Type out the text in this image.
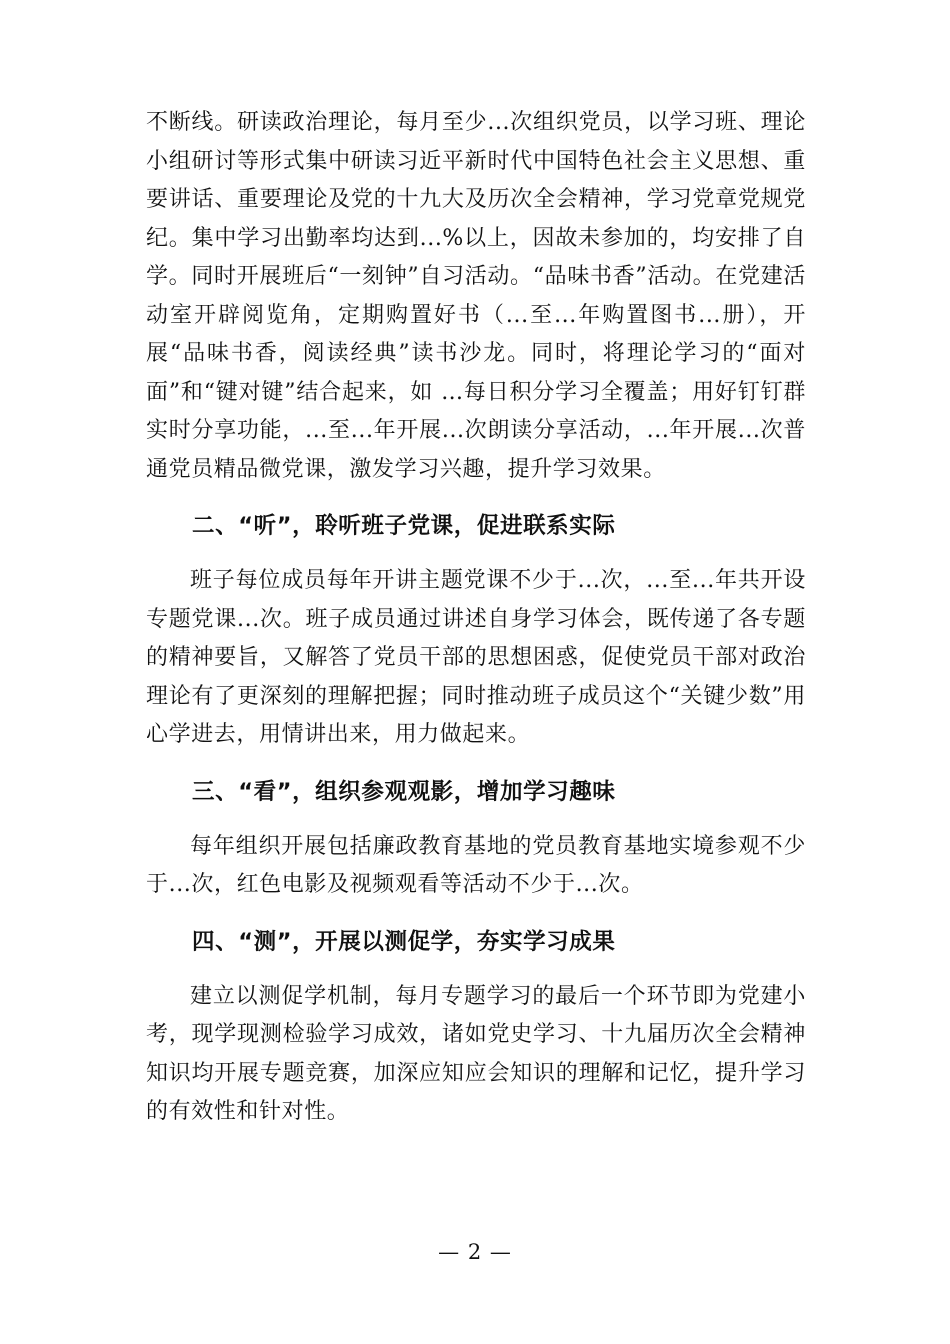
不断线。研读政治理论，每月至少...次组织党员，以学习班、理论小组研讨等形式集中研读习近平新时代中国特色社会主义思想、重要讲话、重要理论及党的十九大及历次全会精神，学习党章党规党纪。集中学习出勤率均达到...%以上，因故未参加的，均安排了自学。同时开展班后“一刻钟”自习活动。“品味书香”活动。在党建活动室开辟阅览角，定期购置好书（...至...年购置图书...册），开展“品味书香，阅读经典”读书沙龙。同时，将理论学习的“面对面”和“键对键”结合起来，如 …每日积分学习全覆盖；用好钉钉群实时分享功能，...至...年开展...次朗读分享活动，...年开展...次普通党员精品微党课，激发学习兴趣，提升学习效果。

二、“听”，聆听班子党课，促进联系实际

班子每位成员每年开讲主题党课不少于...次，...至...年共开设专题党课...次。班子成员通过讲述自身学习体会，既传递了各专题的精神要旨，又解答了党员干部的思想困惑，促使党员干部对政治理论有了更深刻的理解把握；同时推动班子成员这个“关键少数”用心学进去，用情讲出来，用力做起来。

三、“看”，组织参观观影，增加学习趣味

每年组织开展包括廉政教育基地的党员教育基地实境参观不少于...次，红色电影及视频观看等活动不少于...次。

四、“测”，开展以测促学，夯实学习成果

建立以测促学机制，每月专题学习的最后一个环节即为党建小考，现学现测检验学习成效，诸如党史学习、十九届历次全会精神知识均开展专题竞赛，加深应知应会知识的理解和记忆，提升学习的有效性和针对性。

— 2 —
